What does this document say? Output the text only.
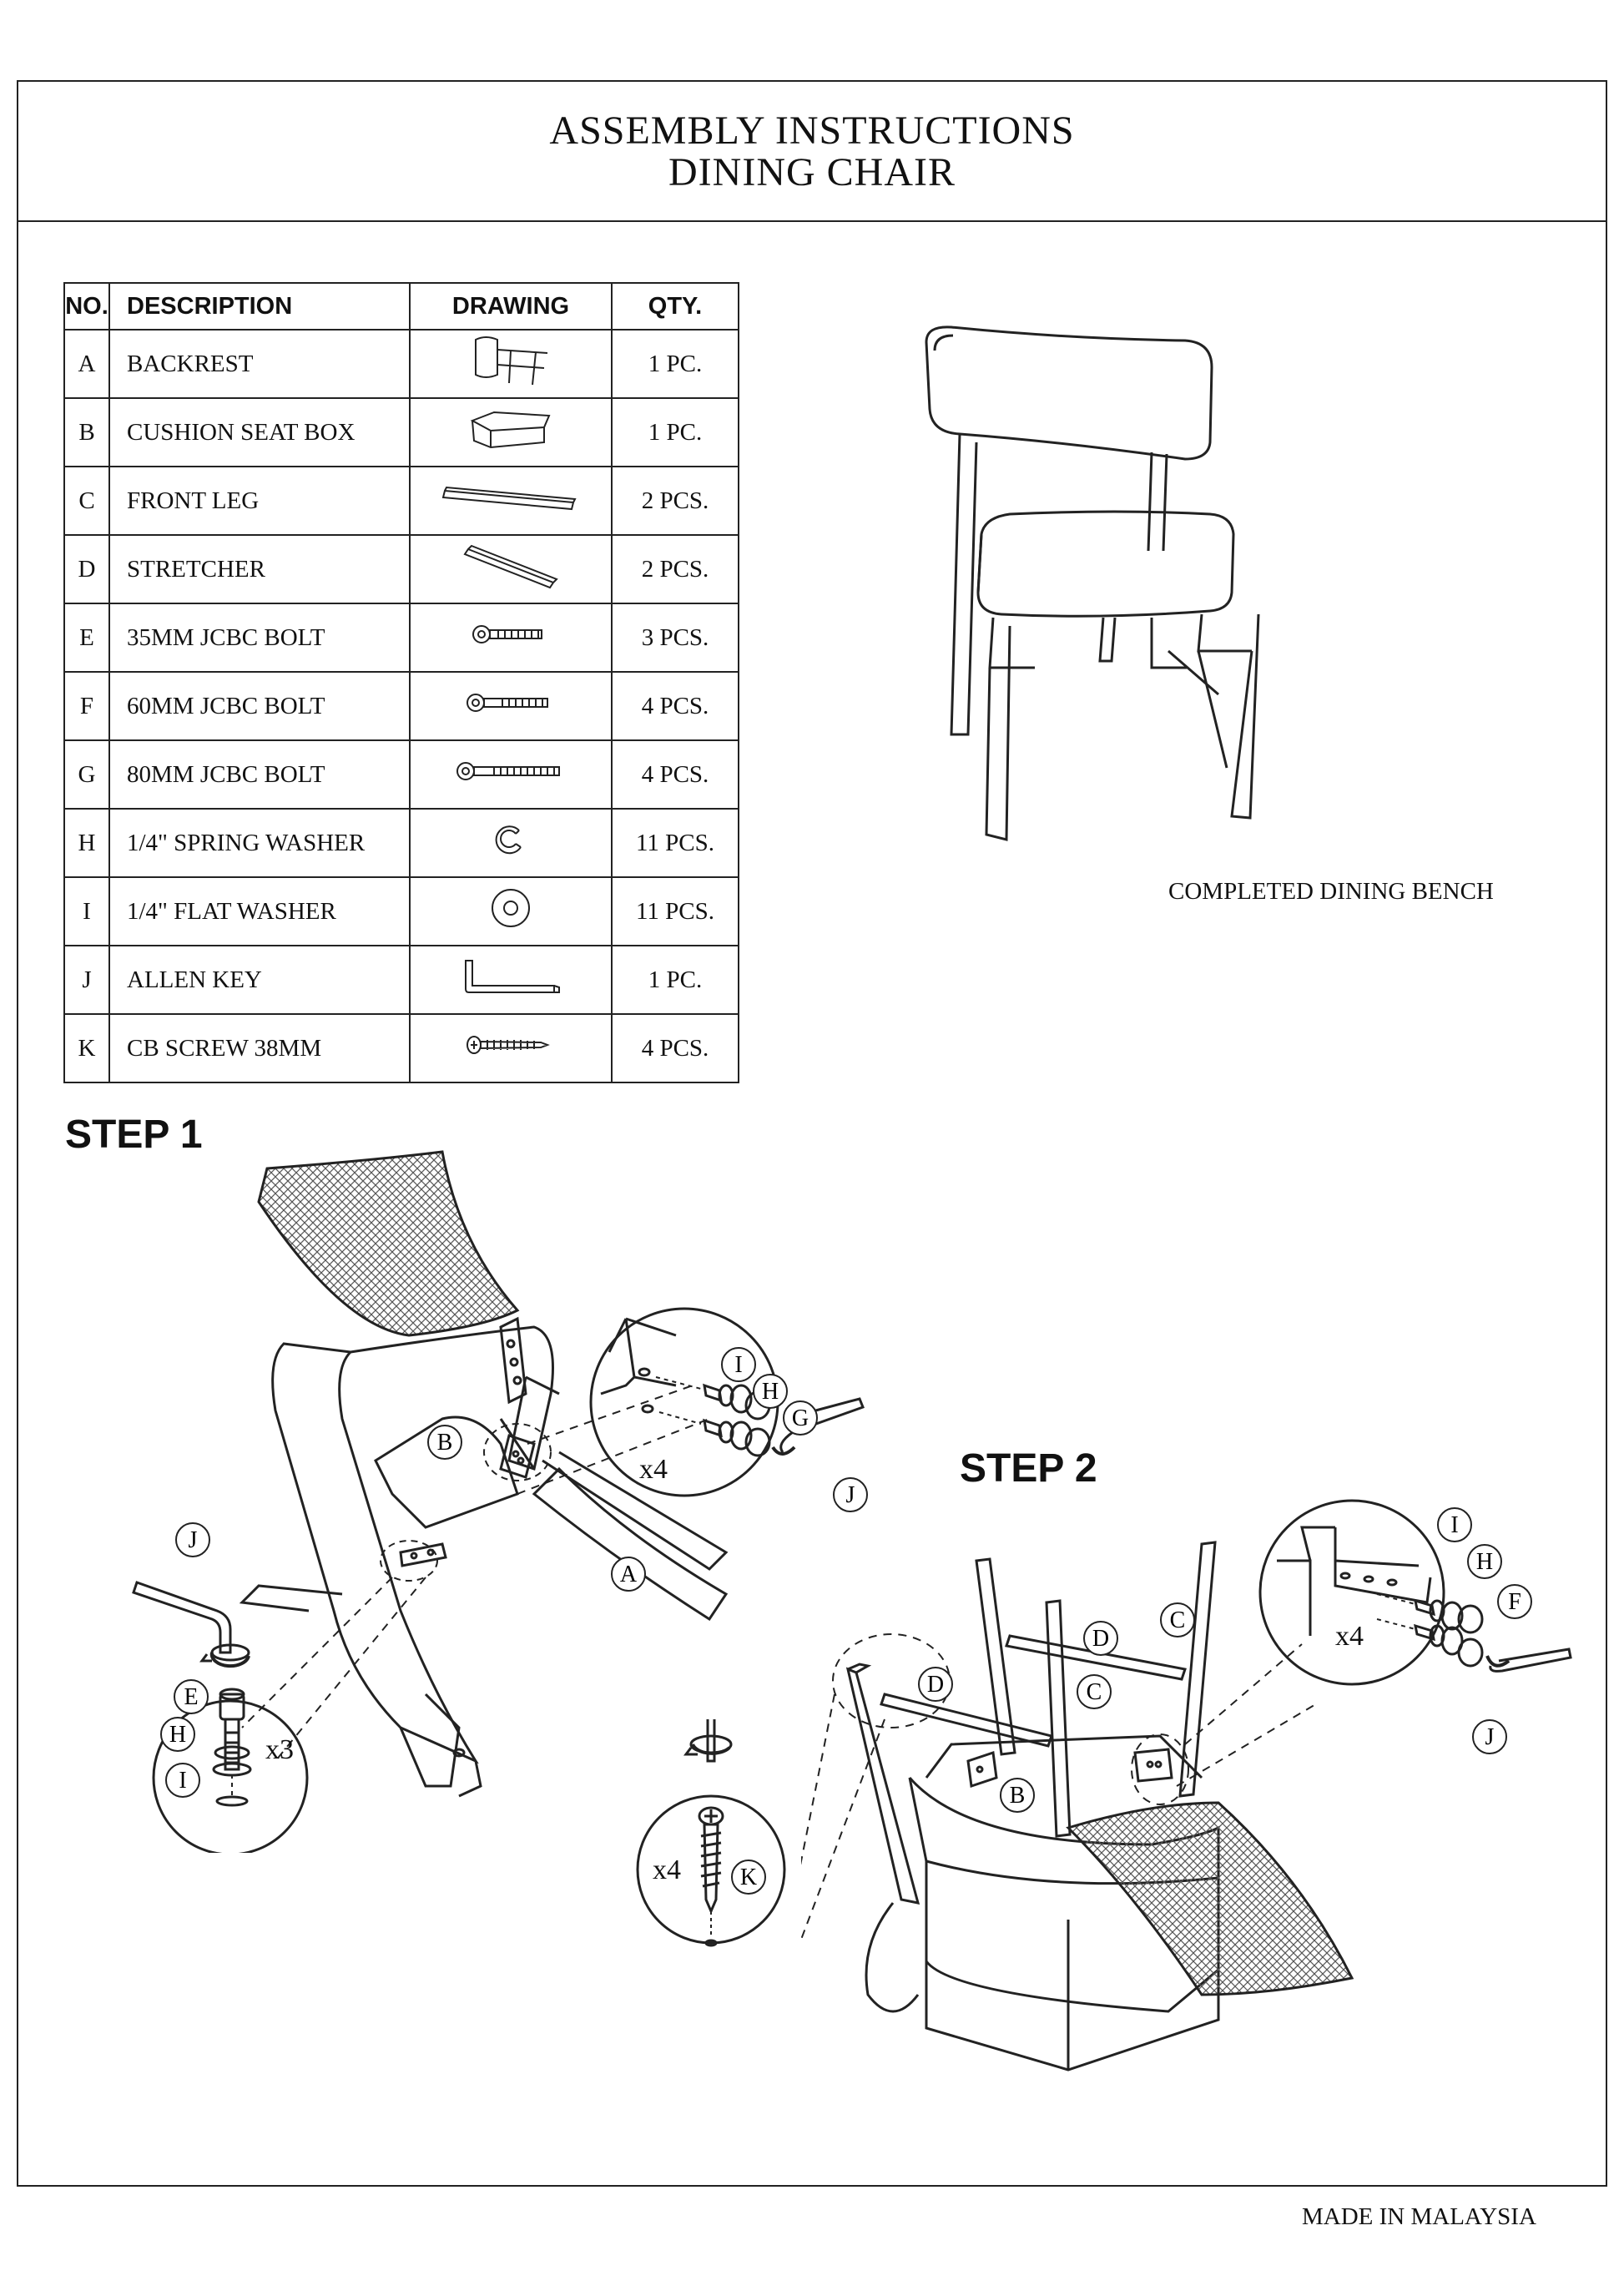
ASSEMBLY INSTRUCTIONS
DINING CHAIR
NO.	DESCRIPTION	DRAWING	QTY.
A	BACKREST		1 PC.
B	CUSHION SEAT BOX		1 PC.
C	FRONT LEG		2 PCS.
D	STRETCHER		2 PCS.
E	35MM JCBC BOLT		3 PCS.
F	60MM JCBC BOLT		4 PCS.
G	80MM JCBC BOLT		4 PCS.
H	1/4" SPRING WASHER		11 PCS.
I	1/4" FLAT WASHER		11 PCS.
J	ALLEN KEY		1 PC.
K	CB SCREW 38MM		4 PCS.
COMPLETED DINING BENCH
STEP 1
B
A
J
E
H
I
x3
I
H
G
J
x4	STEP 2
D
D
C
C
B
x4	K
I
H
F
J
x4
MADE IN MALAYSIA
